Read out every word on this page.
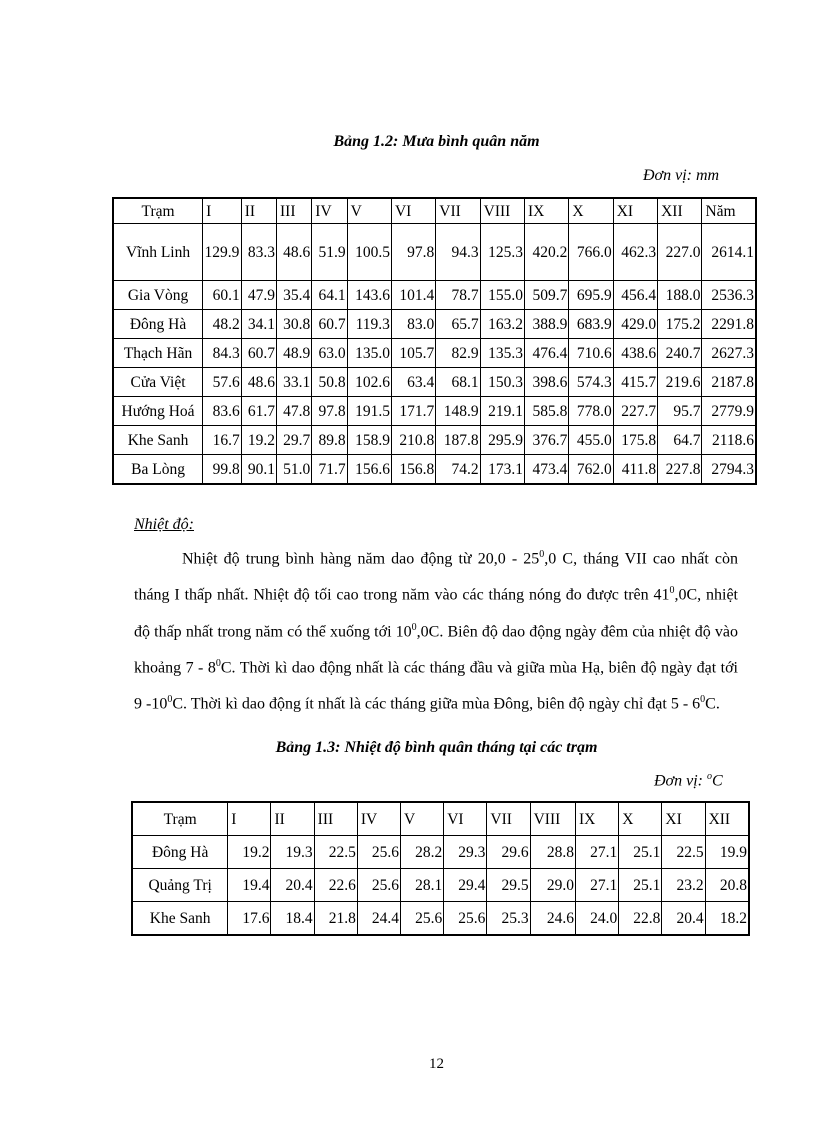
Bảng 1.2: Mưa bình quân năm
Đơn vị: mm
Trạm	I	II	III	IV	V	VI	VII	VIII	IX	X	XI	XII	Năm
Vĩnh Linh	129.9	83.3	48.6	51.9	100.5	97.8	94.3	125.3	420.2	766.0	462.3	227.0	2614.1
Gia Vòng	60.1	47.9	35.4	64.1	143.6	101.4	78.7	155.0	509.7	695.9	456.4	188.0	2536.3
Đông Hà	48.2	34.1	30.8	60.7	119.3	83.0	65.7	163.2	388.9	683.9	429.0	175.2	2291.8
Thạch Hãn	84.3	60.7	48.9	63.0	135.0	105.7	82.9	135.3	476.4	710.6	438.6	240.7	2627.3
Cửa Việt	57.6	48.6	33.1	50.8	102.6	63.4	68.1	150.3	398.6	574.3	415.7	219.6	2187.8
Hướng Hoá	83.6	61.7	47.8	97.8	191.5	171.7	148.9	219.1	585.8	778.0	227.7	95.7	2779.9
Khe Sanh	16.7	19.2	29.7	89.8	158.9	210.8	187.8	295.9	376.7	455.0	175.8	64.7	2118.6
Ba Lòng	99.8	90.1	51.0	71.7	156.6	156.8	74.2	173.1	473.4	762.0	411.8	227.8	2794.3
Nhiệt độ:
Nhiệt độ trung bình hàng năm dao động từ $20,0 - 25^0,0$ C, tháng VII cao nhất còn tháng I thấp nhất. Nhiệt độ tối cao trong năm vào các tháng nóng đo được trên $41^0,0C$, nhiệt độ thấp nhất trong năm có thể xuống tới $10^0,0C$. Biên độ dao động ngày đêm của nhiệt độ vào khoảng $7 - 8^0C$. Thời kì dao động nhất là các tháng đầu và giữa mùa Hạ, biên độ ngày đạt tới 9 $-10^0C$. Thời kì dao động ít nhất là các tháng giữa mùa Đông, biên độ ngày chỉ đạt $5 - 6^0C$.
Bảng 1.3: Nhiệt độ bình quân tháng tại các trạm
Đơn vị: $^o$C
Trạm	I	II	III	IV	V	VI	VII	VIII	IX	X	XI	XII
Đông Hà	19.2	19.3	22.5	25.6	28.2	29.3	29.6	28.8	27.1	25.1	22.5	19.9
Quảng Trị	19.4	20.4	22.6	25.6	28.1	29.4	29.5	29.0	27.1	25.1	23.2	20.8
Khe Sanh	17.6	18.4	21.8	24.4	25.6	25.6	25.3	24.6	24.0	22.8	20.4	18.2
12
